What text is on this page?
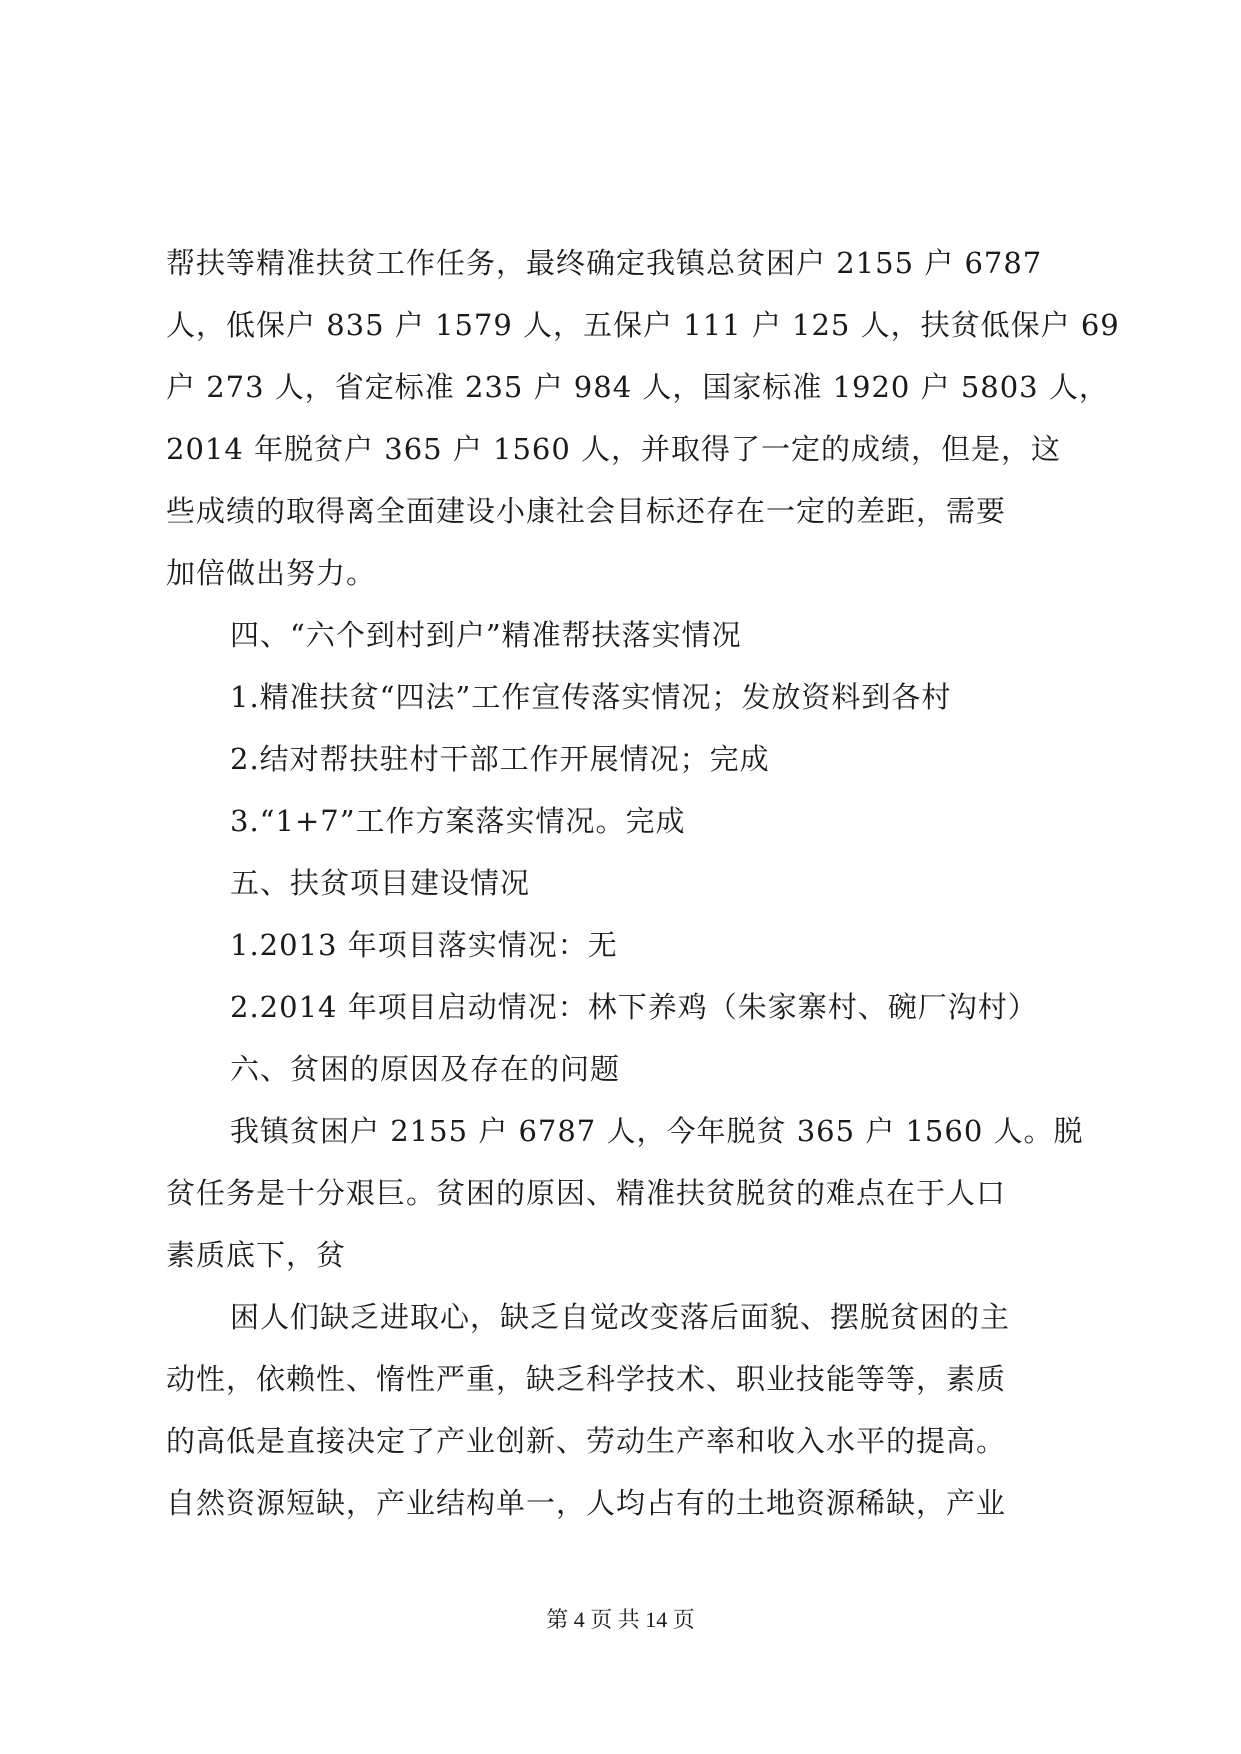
帮扶等精准扶贫工作任务，最终确定我镇总贫困户 2155 户 6787
人，低保户 835 户 1579 人，五保户 111 户 125 人，扶贫低保户 69
户 273 人，省定标准 235 户 984 人，国家标准 1920 户 5803 人，
2014 年脱贫户 365 户 1560 人，并取得了一定的成绩，但是，这
些成绩的取得离全面建设小康社会目标还存在一定的差距，需要
加倍做出努力。
四、“六个到村到户”精准帮扶落实情况
1.精准扶贫“四法”工作宣传落实情况；发放资料到各村
2.结对帮扶驻村干部工作开展情况；完成
3.“1+7”工作方案落实情况。完成
五、扶贫项目建设情况
1.2013 年项目落实情况：无
2.2014 年项目启动情况：林下养鸡（朱家寨村、碗厂沟村）
六、贫困的原因及存在的问题
我镇贫困户 2155 户 6787 人，今年脱贫 365 户 1560 人。脱
贫任务是十分艰巨。贫困的原因、精准扶贫脱贫的难点在于人口
素质底下，贫
困人们缺乏进取心，缺乏自觉改变落后面貌、摆脱贫困的主
动性，依赖性、惰性严重，缺乏科学技术、职业技能等等，素质
的高低是直接决定了产业创新、劳动生产率和收入水平的提高。
自然资源短缺，产业结构单一，人均占有的土地资源稀缺，产业
第 4 页 共 14 页
